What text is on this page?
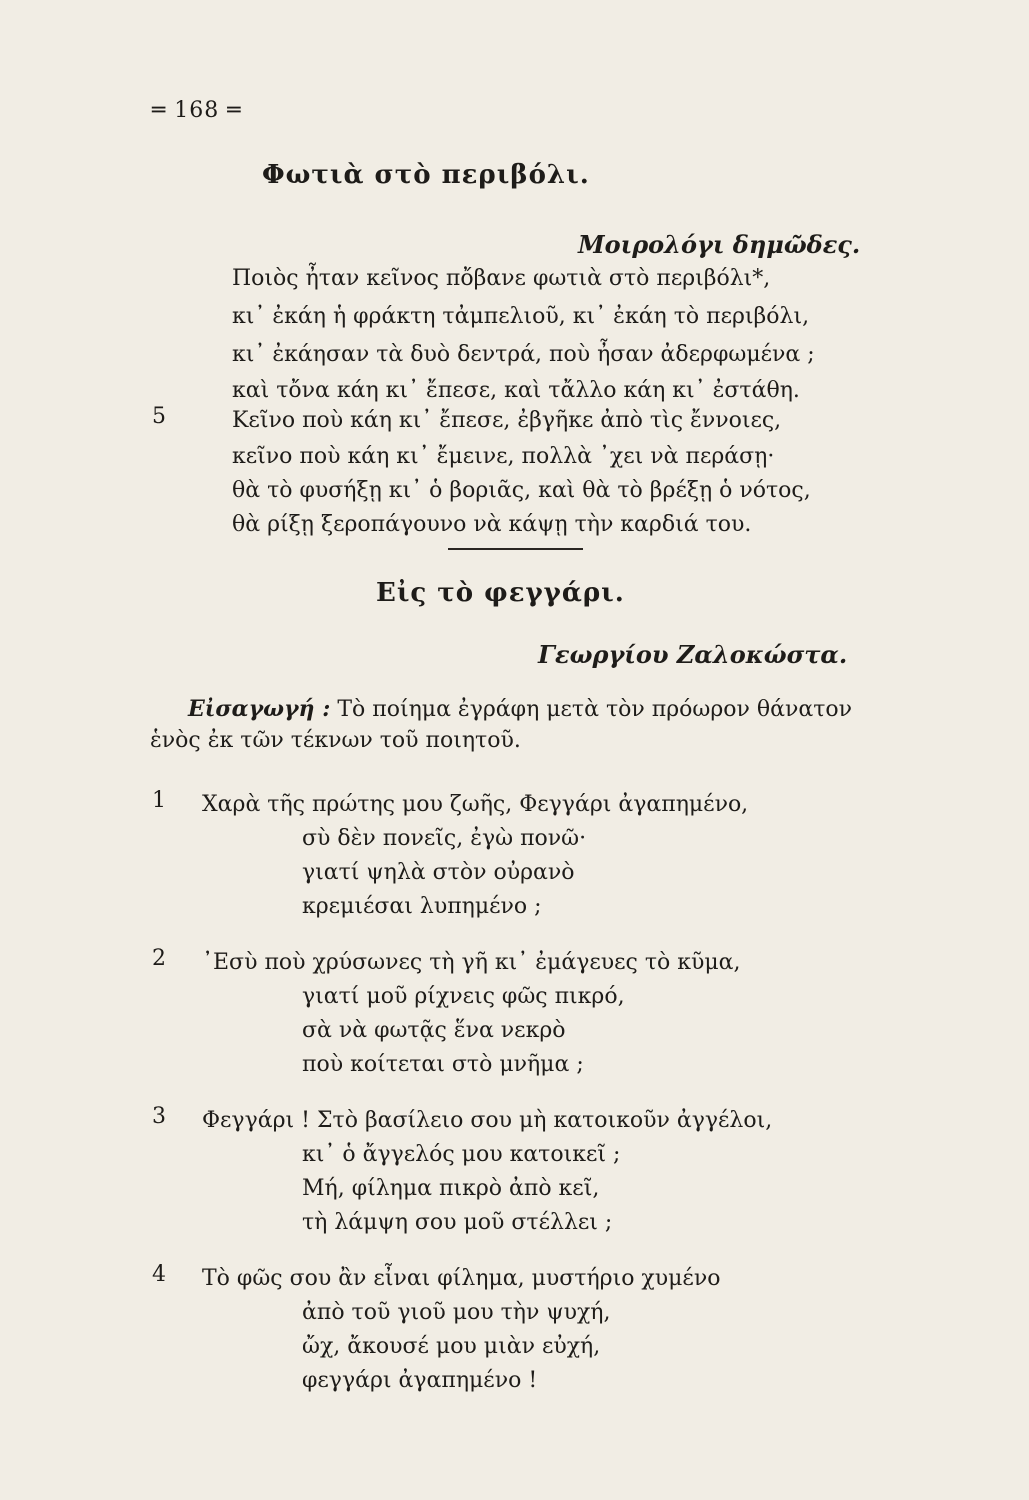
═ 168 ═
Φωτιὰ στὸ περιβόλι.
Μοιρολόγι δημῶδες.
Ποιὸς ἦταν κεῖνος πὄβανε φωτιὰ στὸ περιβόλι*,
κι᾽ ἐκάη ἡ φράκτη τἀμπελιοῦ, κι᾽ ἐκάη τὸ περιβόλι,
κι᾽ ἐκάησαν τὰ δυὸ δεντρά, ποὺ ἦσαν ἀδερφωμένα ;
καὶ τὄνα κάη κι᾽ ἔπεσε, καὶ τἄλλο κάη κι᾽ ἐστάθη.
5	Κεῖνο ποὺ κάη κι᾽ ἔπεσε, ἐβγῆκε ἀπὸ τὶς ἔννοιες,
κεῖνο ποὺ κάη κι᾽ ἔμεινε, πολλὰ ᾽χει νὰ περάσῃ·
θὰ τὸ φυσήξῃ κι᾽ ὁ βοριᾶς, καὶ θὰ τὸ βρέξῃ ὁ νότος,
θὰ ρίξῃ ξεροπάγουνο νὰ κάψῃ τὴν καρδιά του.
Εἰς τὸ φεγγάρι.
Γεωργίου Ζαλοκώστα.
Εἰσαγωγή : Τὸ ποίημα ἐγράφη μετὰ τὸν πρόωρον θάνατον
ἑνὸς ἐκ τῶν τέκνων τοῦ ποιητοῦ.
1 Χαρὰ τῆς πρώτης μου ζωῆς, Φεγγάρι ἀγαπημένο,
σὺ δὲν πονεῖς, ἐγὼ πονῶ·
γιατί ψηλὰ στὸν οὐρανὸ
κρεμιέσαι λυπημένο ;
2 ᾽Εσὺ ποὺ χρύσωνες τὴ γῆ κι᾽ ἐμάγευες τὸ κῦμα,
γιατί μοῦ ρίχνεις φῶς πικρό,
σὰ νὰ φωτᾷς ἕνα νεκρὸ
ποὺ κοίτεται στὸ μνῆμα ;
3 Φεγγάρι ! Στὸ βασίλειο σου μὴ κατοικοῦν ἀγγέλοι,
κι᾽ ὁ ἄγγελός μου κατοικεῖ ;
Μή, φίλημα πικρὸ ἀπὸ κεῖ,
τὴ λάμψη σου μοῦ στέλλει ;
4 Τὸ φῶς σου ἂν εἶναι φίλημα, μυστήριο χυμένο
ἀπὸ τοῦ γιοῦ μου τὴν ψυχή,
ὤχ, ἄκουσέ μου μιὰν εὐχή,
φεγγάρι ἀγαπημένο !
